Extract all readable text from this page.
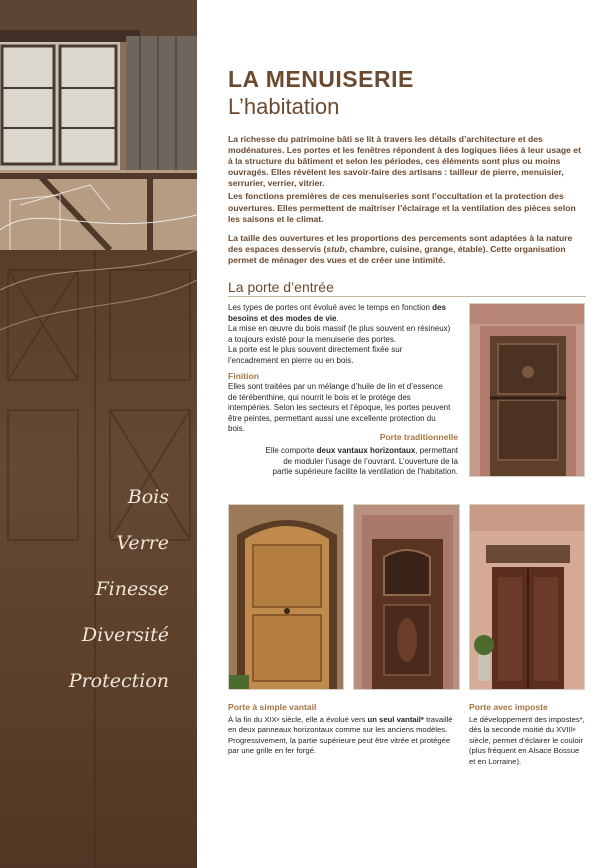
Bois
Verre
Finesse
Diversité
Protection
LA MENUISERIE
L’habitation

La richesse du patrimoine bâti se lit à travers les détails d’architecture et des modénatures. Les portes et les fenêtres répondent à des logiques liées à leur usage et à la structure du bâtiment et selon les périodes, ces éléments sont plus ou moins ouvragés. Elles révèlent les savoir-faire des artisans : tailleur de pierre, menuisier, serrurier, verrier, vitrier.

Les fonctions premières de ces menuiseries sont l’occultation et la protection des ouvertures. Elles permettent de maîtriser l’éclairage et la ventilation des pièces selon les saisons et le climat.

La taille des ouvertures et les proportions des percements sont adaptées à la nature des espaces desservis (stub, chambre, cuisine, grange, étable). Cette organisation permet de ménager des vues et de créer une intimité.

La porte d’entrée
Les types de portes ont évolué avec le temps en fonction des besoins et des modes de vie.
La mise en œuvre du bois massif (le plus souvent en résineux) a toujours existé pour la menuiserie des portes.
La porte est le plus souvent directement fixée sur l’encadrement en pierre ou en bois.
Finition
Elles sont traitées par un mélange d’huile de lin et d’essence de térébenthine, qui nourrit le bois et le protège des intempéries. Selon les secteurs et l’époque, les portes peuvent être peintes, permettant aussi une excellente protection du bois.
Porte traditionnelle
Elle comporte deux vantaux horizontaux, permettant de moduler l’usage de l’ouvrant. L’ouverture de la partie supérieure facilite la ventilation de l’habitation.
Porte à simple vantail
À la fin du XIXe siècle, elle a évolué vers un seul vantail* travaillé en deux panneaux horizontaux comme sur les anciens modèles. Progressivement, la partie supérieure peut être vitrée et protégée par une grille en fer forgé.
Porte avec imposte
Le développement des impostes*, dès la seconde moitié du XVIIIe siècle, permet d’éclairer le couloir (plus fréquent en Alsace Bossue et en Lorraine).
